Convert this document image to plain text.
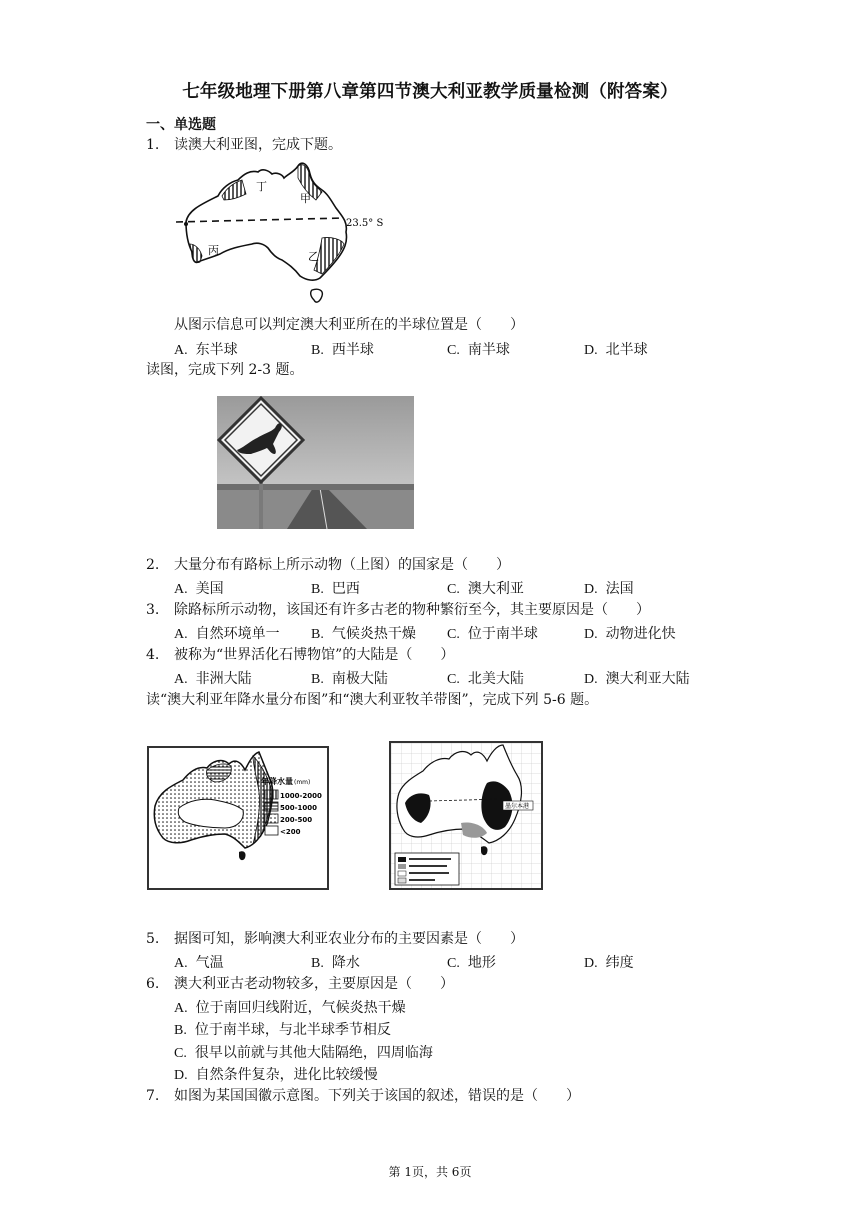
七年级地理下册第八章第四节澳大利亚教学质量检测（附答案）
一、单选题
1. 读澳大利亚图，完成下题。
丁
甲
丙	乙
23.5° S
从图示信息可以判定澳大利亚所在的半球位置是（　　）
A. 东半球	B. 西半球	C. 南半球	D. 北半球
读图，完成下列 2-3 题。
2. 大量分布有路标上所示动物（上图）的国家是（　　）
A. 美国	B. 巴西	C. 澳大利亚	D. 法国
3. 除路标所示动物，该国还有许多古老的物种繁衍至今，其主要原因是（　　）
A. 自然环境单一 B. 气候炎热干燥 C. 位于南半球	D. 动物进化快
4. 被称为“世界活化石博物馆”的大陆是（　　）
A. 非洲大陆	B. 南极大陆	C. 北美大陆	D. 澳大利亚大陆
读“澳大利亚年降水量分布图”和“澳大利亚牧羊带图”，完成下列 5-6 题。
年降水量 (mm)
1000-2000
500-1000
200-500
<200
墨尔本港
5. 据图可知，影响澳大利亚农业分布的主要因素是（　　）
A. 气温	B. 降水	C. 地形	D. 纬度
6. 澳大利亚古老动物较多，主要原因是（　　）
A. 位于南回归线附近，气候炎热干燥
B. 位于南半球，与北半球季节相反
C. 很早以前就与其他大陆隔绝，四周临海
D. 自然条件复杂，进化比较缓慢
7. 如图为某国国徽示意图。下列关于该国的叙述，错误的是（　　）
第 1页，共 6页
